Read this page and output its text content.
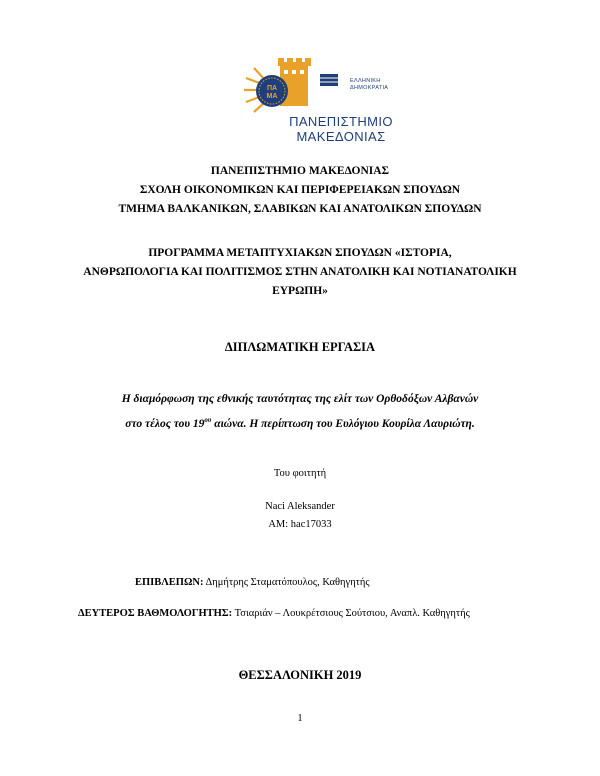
ΠΑ
ΜΑ
ΕΛΛΗΝΙΚΗ
ΔΗΜΟΚΡΑΤΙΑ
ΠΑΝΕΠΙΣΤΗΜΙΟ
ΜΑΚΕΔΟΝΙΑΣ
ΠΑΝΕΠΙΣΤΗΜΙΟ ΜΑΚΕΔΟΝΙΑΣ
ΣΧΟΛΗ ΟΙΚΟΝΟΜΙΚΩΝ ΚΑΙ ΠΕΡΙΦΕΡΕΙΑΚΩΝ ΣΠΟΥΔΩΝ
ΤΜΗΜΑ ΒΑΛΚΑΝΙΚΩΝ, ΣΛΑΒΙΚΩΝ ΚΑΙ ΑΝΑΤΟΛΙΚΩΝ ΣΠΟΥΔΩΝ
ΠΡΟΓΡΑΜΜΑ ΜΕΤΑΠΤΥΧΙΑΚΩΝ ΣΠΟΥΔΩΝ «ΙΣΤΟΡΙΑ,
ΑΝΘΡΩΠΟΛΟΓΙΑ ΚΑΙ ΠΟΛΙΤΙΣΜΟΣ ΣΤΗΝ ΑΝΑΤΟΛΙΚΗ ΚΑΙ ΝΟΤΙΑΝΑΤΟΛΙΚΗ
ΕΥΡΩΠΗ»
ΔΙΠΛΩΜΑΤΙΚΗ ΕΡΓΑΣΙΑ
Η διαμόρφωση της εθνικής ταυτότητας της ελίτ των Ορθοδόξων Αλβανών
στο τέλος του $19^{o\upsilon}$ αιώνα. Η περίπτωση του Ευλόγιου Κουρίλα Λαυριώτη.
Του φοιτητή
Naci Aleksander
AM: hac17033
ΕΠΙΒΛΕΠΩΝ: Δημήτρης Σταματόπουλος, Καθηγητής
ΔΕΥΤΕΡΟΣ ΒΑΘΜΟΛΟΓΗΤΗΣ: Τσιαριάν – Λουκρέτσιους Σούτσιου, Αναπλ. Καθηγητής
ΘΕΣΣΑΛΟΝΙΚΗ 2019
1
